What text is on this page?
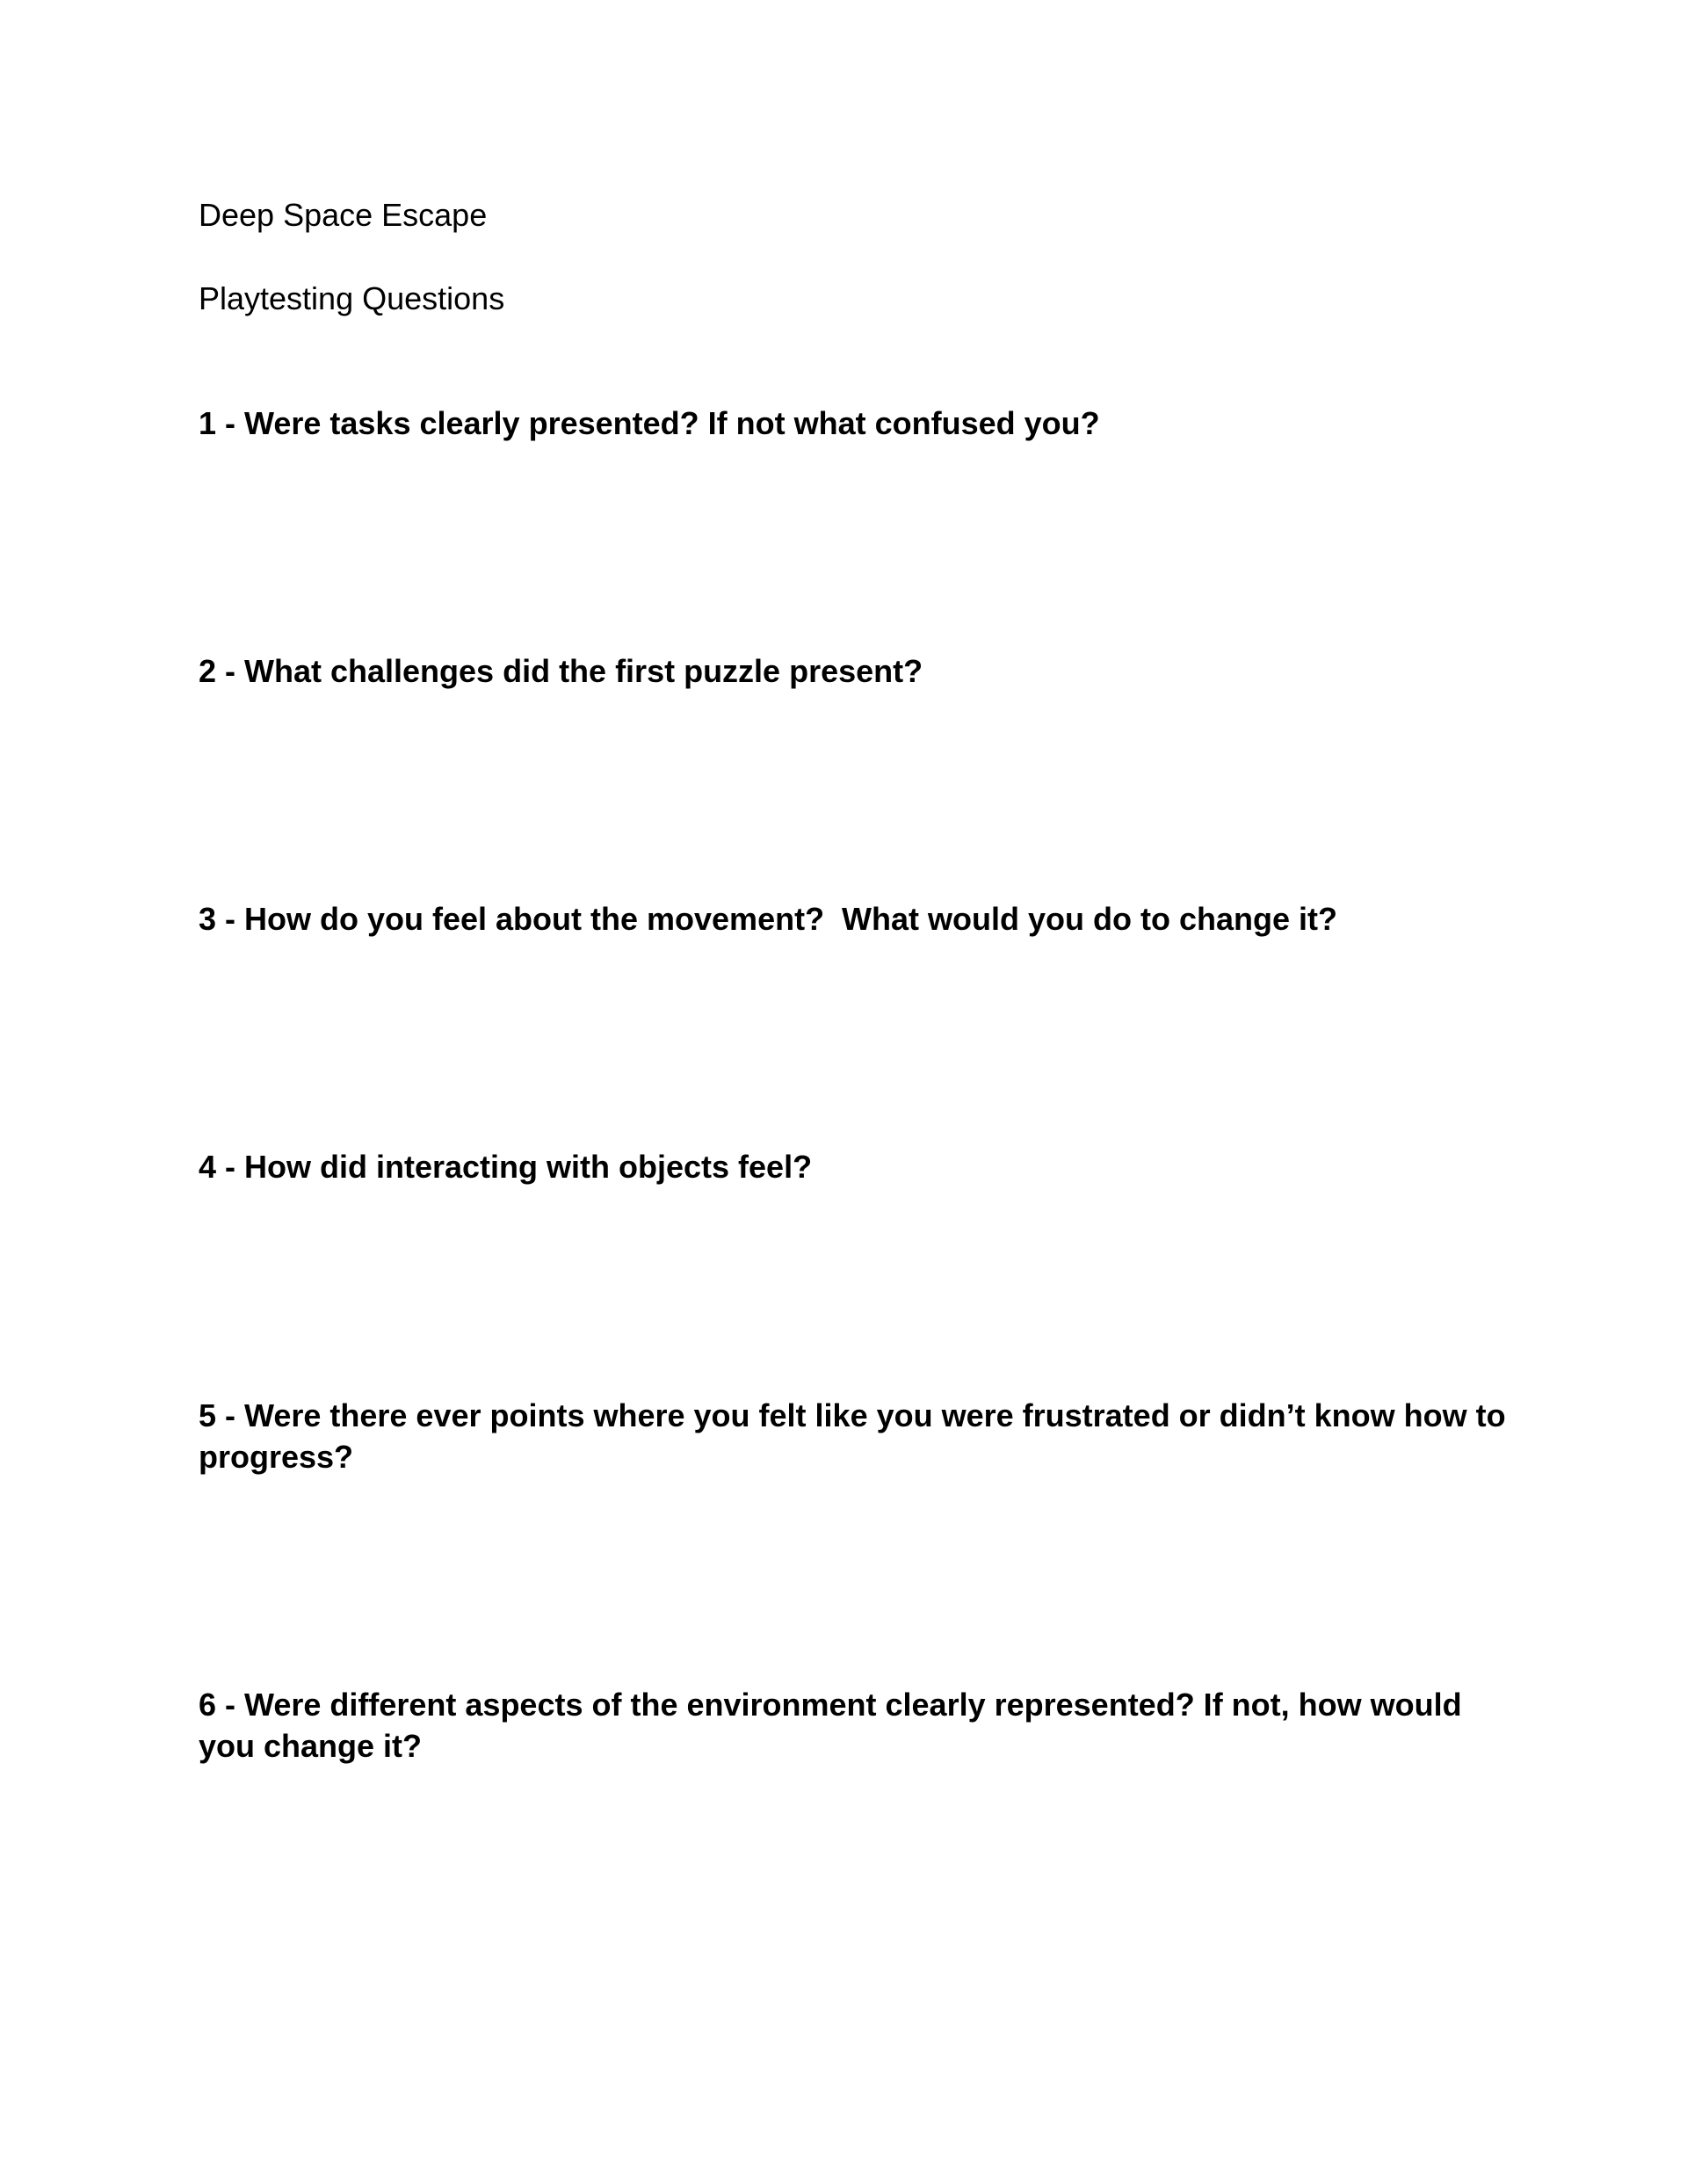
Deep Space Escape

Playtesting Questions

1 - Were tasks clearly presented? If not what confused you?

2 - What challenges did the first puzzle present?

3 - How do you feel about the movement?  What would you do to change it?

4 - How did interacting with objects feel?

5 - Were there ever points where you felt like you were frustrated or didn’t know how to progress?

6 - Were different aspects of the environment clearly represented? If not, how would you change it?
